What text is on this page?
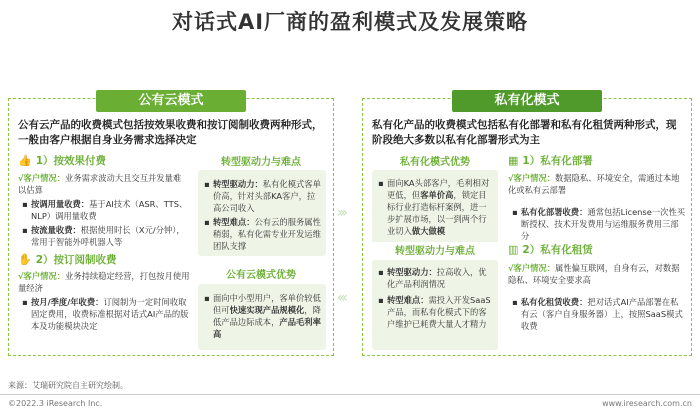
对话式AI厂商的盈利模式及发展策略
公有云模式
公有云产品的收费模式包括按效果收费和按订阅制收费两种形式，一般由客户根据自身业务需求选择决定
👍 1）按效果付费
√客户情况：业务需求波动大且交互并发量难以估算
▪ 按调用量收费：基于AI技术（ASR、TTS、NLP）调用量收费
▪ 按流量收费：根据使用时长（X元/分钟），常用于智能外呼机器人等
✋ 2）按订阅制收费
√客户情况：业务持续稳定经营，打包按月使用量经济
▪ 按月/季度/年收费：订阅制为一定时间收取固定费用，收费标准根据对话式AI产品的版本及功能模块决定
转型驱动力与难点
▪ 转型驱动力：私有化模式客单价高，针对头部KA客户，拉高公司收入
▪ 转型难点：公有云的服务属性稍弱，私有化需专业开发运维团队支撑
公有云模式优势
▪ 面向中小型用户，客单价较低但可快速实现产品规模化，降低产品边际成本，产品毛利率高
›››
‹‹‹
私有化模式
私有化产品的收费模式包括私有化部署和私有化租赁两种形式，现阶段绝大多数以私有化部署形式为主
私有化模式优势
▪ 面向KA头部客户，毛利相对更低，但客单价高，锁定目标行业打造标杆案例，进一步扩展市场，以一到两个行业切入做大做模
转型驱动力与难点
▪ 转型驱动力：拉高收入，优化产品利润情况
▪ 转型难点：需投入开发SaaS产品，而私有化模式下的客户维护已耗费大量人才精力
▦ 1）私有化部署
√客户情况：数据隐私、环境安全，需通过本地化或私有云部署
▪ 私有化部署收费：通常包括License一次性买断授权、技术开发费用与运维服务费用三部分
▥ 2）私有化租赁
√客户情况：属性偏互联网，自身有云，对数据隐私、环境安全要求高
▪ 私有化租赁收费：把对话式AI产品部署在私有云（客户自身服务器）上，按照SaaS模式收费
来源：艾瑞研究院自主研究绘制。
©2022.3 iResearch Inc.	www.iresearch.com.cn
